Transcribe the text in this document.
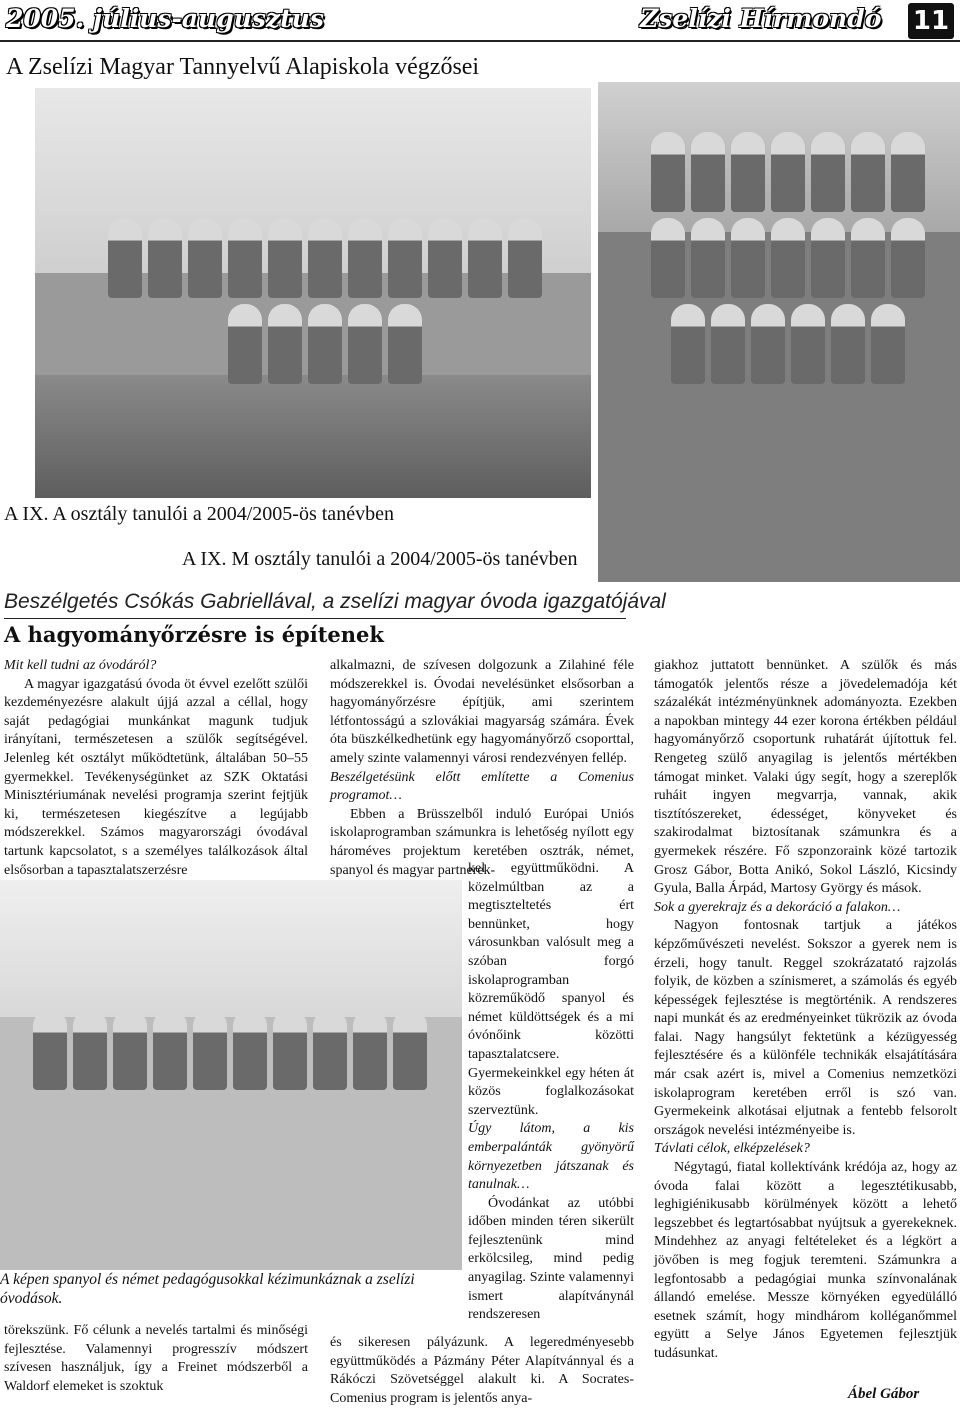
2005. július-augusztus	Zselízi Hírmondó 11
A Zselízi Magyar Tannyelvű Alapiskola végzősei
A IX. A osztály tanulói a 2004/2005-ös tanévben
A IX. M osztály tanulói a 2004/2005-ös tanévben
Beszélgetés Csókás Gabriellával, a zselízi magyar óvoda igazgatójával
A hagyományőrzésre is építenek

Mit kell tudni az óvodáról?

A magyar igazgatású óvoda öt évvel ezelőtt szülői kezdeményezésre alakult újjá azzal a céllal, hogy saját pedagógiai munkánkat magunk tudjuk irányítani, természetesen a szülők segítségével. Jelenleg két osztályt működtetünk, általában 50–55 gyermekkel. Tevékenységünket az SZK Oktatási Minisztériumának nevelési programja szerint fejtjük ki, természetesen kiegészítve a legújabb módszerekkel. Számos magyarországi óvodával tartunk kapcsolatot, s a személyes találkozások által elsősorban a tapasztalatszerzésre

A képen spanyol és német pedagógusokkal kézimunkáznak a zselízi óvodások.

törekszünk. Fő célunk a nevelés tartalmi és minőségi fejlesztése. Valamennyi progresszív módszert szívesen használjuk, így a Freinet módszerből a Waldorf elemeket is szoktuk

alkalmazni, de szívesen dolgozunk a Zilahiné féle módszerekkel is. Óvodai nevelésünket elsősorban a hagyományőrzésre építjük, ami szerintem létfontosságú a szlovákiai magyarság számára. Évek óta büszkélkedhetünk egy hagyományőrző csoporttal, amely szinte valamennyi városi rendezvényen fellép.

Beszélgetésünk előtt említette a Comenius programot…

Ebben a Brüsszelből induló Európai Uniós iskolaprogramban számunkra is lehetőség nyílott egy hároméves projektum keretében osztrák, német, spanyol és magyar partnerek-

kel együttműködni. A közelmúltban az a megtiszteltetés ért bennünket, hogy városunkban valósult meg a szóban forgó iskolaprogramban közreműködő spanyol és német küldöttségek és a mi óvónőink közötti tapasztalatcsere. Gyermekeinkkel egy héten át közös foglalkozásokat szerveztünk.

Úgy látom, a kis emberpalánták gyönyörű környezetben játszanak és tanulnak…

Óvodánkat az utóbbi időben minden téren sikerült fejlesztenünk mind erkölcsileg, mind pedig anyagilag. Szinte valamennyi ismert alapítványnál rendszeresen

és sikeresen pályázunk. A legeredményesebb együttműködés a Pázmány Péter Alapítvánnyal és a Rákóczi Szövetséggel alakult ki. A Socrates-Comenius program is jelentős anya-

giakhoz juttatott bennünket. A szülők és más támogatók jelentős része a jövedelemadója két százalékát intézményünknek adományozta. Ezekben a napokban mintegy 44 ezer korona értékben például hagyományőrző csoportunk ruhatárát újítottuk fel. Rengeteg szülő anyagilag is jelentős mértékben támogat minket. Valaki úgy segít, hogy a szereplők ruháit ingyen megvarrja, vannak, akik tisztítószereket, édességet, könyveket és szakirodalmat biztosítanak számunkra és a gyermekek részére. Fő szponzoraink közé tartozik Grosz Gábor, Botta Anikó, Sokol László, Kicsindy Gyula, Balla Árpád, Martosy György és mások.

Sok a gyerekrajz és a dekoráció a falakon…

Nagyon fontosnak tartjuk a játékos képzőművészeti nevelést. Sokszor a gyerek nem is érzeli, hogy tanult. Reggel szokrázatató rajzolás folyik, de közben a színismeret, a számolás és egyéb képességek fejlesztése is megtörténik. A rendszeres napi munkát és az eredményeinket tükrözik az óvoda falai. Nagy hangsúlyt fektetünk a kézügyesség fejlesztésére és a különféle technikák elsajátítására már csak azért is, mivel a Comenius nemzetközi iskolaprogram keretében erről is szó van. Gyermekeink alkotásai eljutnak a fentebb felsorolt országok nevelési intézményeibe is.

Távlati célok, elképzelések?

Négytagú, fiatal kollektívánk krédója az, hogy az óvoda falai között a legesztétikusabb, leghigiénikusabb körülmények között a lehető legszebbet és legtartósabbat nyújtsuk a gyerekeknek. Mindehhez az anyagi feltételeket és a légkört a jövőben is meg fogjuk teremteni. Számunkra a legfontosabb a pedagógiai munka színvonalának állandó emelése. Messze környéken egyedülálló esetnek számít, hogy mindhárom kolléganőmmel együtt a Selye János Egyetemen fejlesztjük tudásunkat.

Ábel Gábor
